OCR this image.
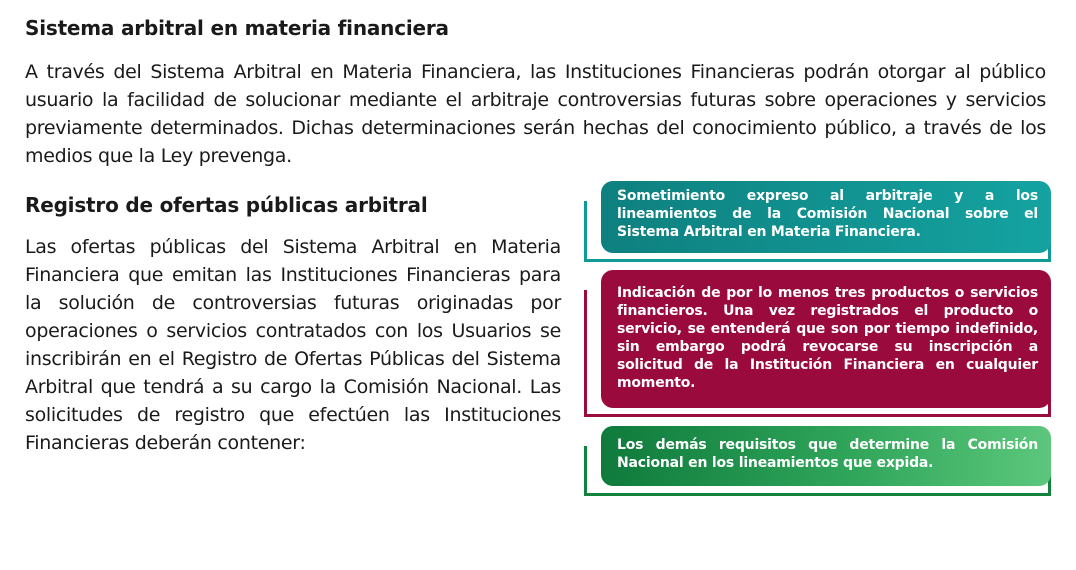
Sistema arbitral en materia financiera

A través del Sistema Arbitral en Materia Financiera, las Instituciones Financieras podrán otorgar al público usuario la facilidad de solucionar mediante el arbitraje controversias futuras sobre operaciones y servicios previamente determinados. Dichas determinaciones serán hechas del conocimiento público, a través de los medios que la Ley prevenga.

Registro de ofertas públicas arbitral

Las ofertas públicas del Sistema Arbitral en Materia Financiera que emitan las Instituciones Financieras para la solución de controversias futuras originadas por operaciones o servicios contratados con los Usuarios se inscribirán en el Registro de Ofertas Públicas del Sistema Arbitral que tendrá a su cargo la Comisión Nacional. Las solicitudes de registro que efectúen las Instituciones Financieras deberán contener:

Sometimiento expreso al arbitraje y a los lineamientos de la Comisión Nacional sobre el Sistema Arbitral en Materia Financiera.
Indicación de por lo menos tres productos o servicios financieros. Una vez registrados el producto o servicio, se entenderá que son por tiempo indefinido, sin embargo podrá revocarse su inscripción a solicitud de la Institución Financiera en cualquier momento.
Los demás requisitos que determine la Comisión Nacional en los lineamientos que expida.
